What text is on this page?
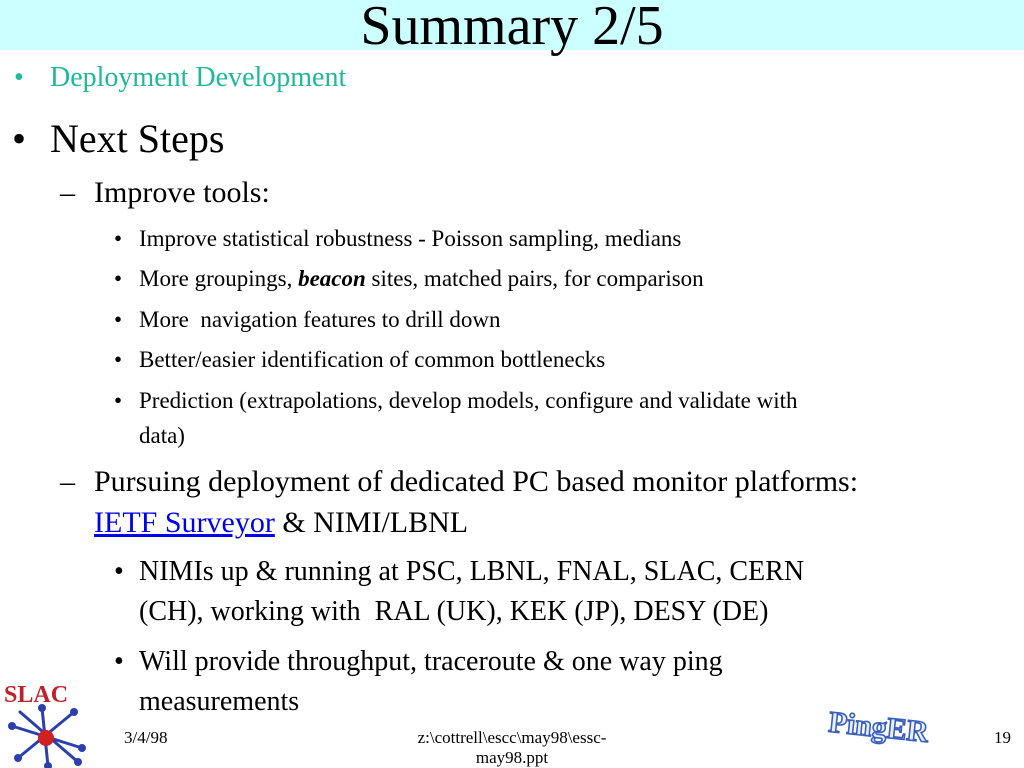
Summary 2/5
• Deployment Development
• Next Steps
– Improve tools:
• Improve statistical robustness - Poisson sampling, medians
• More groupings, beacon sites, matched pairs, for comparison
• More  navigation features to drill down
• Better/easier identification of common bottlenecks
• Prediction (extrapolations, develop models, configure and validate with
data)
– Pursuing deployment of dedicated PC based monitor platforms:
IETF Surveyor & NIMI/LBNL
• NIMIs up & running at PSC, LBNL, FNAL, SLAC, CERN
(CH), working with  RAL (UK), KEK (JP), DESY (DE)
• Will provide throughput, traceroute & one way ping
measurements
SLAC
3/4/98	z:\cottrell\escc\may98\essc-
may98.ppt
19
PingER
